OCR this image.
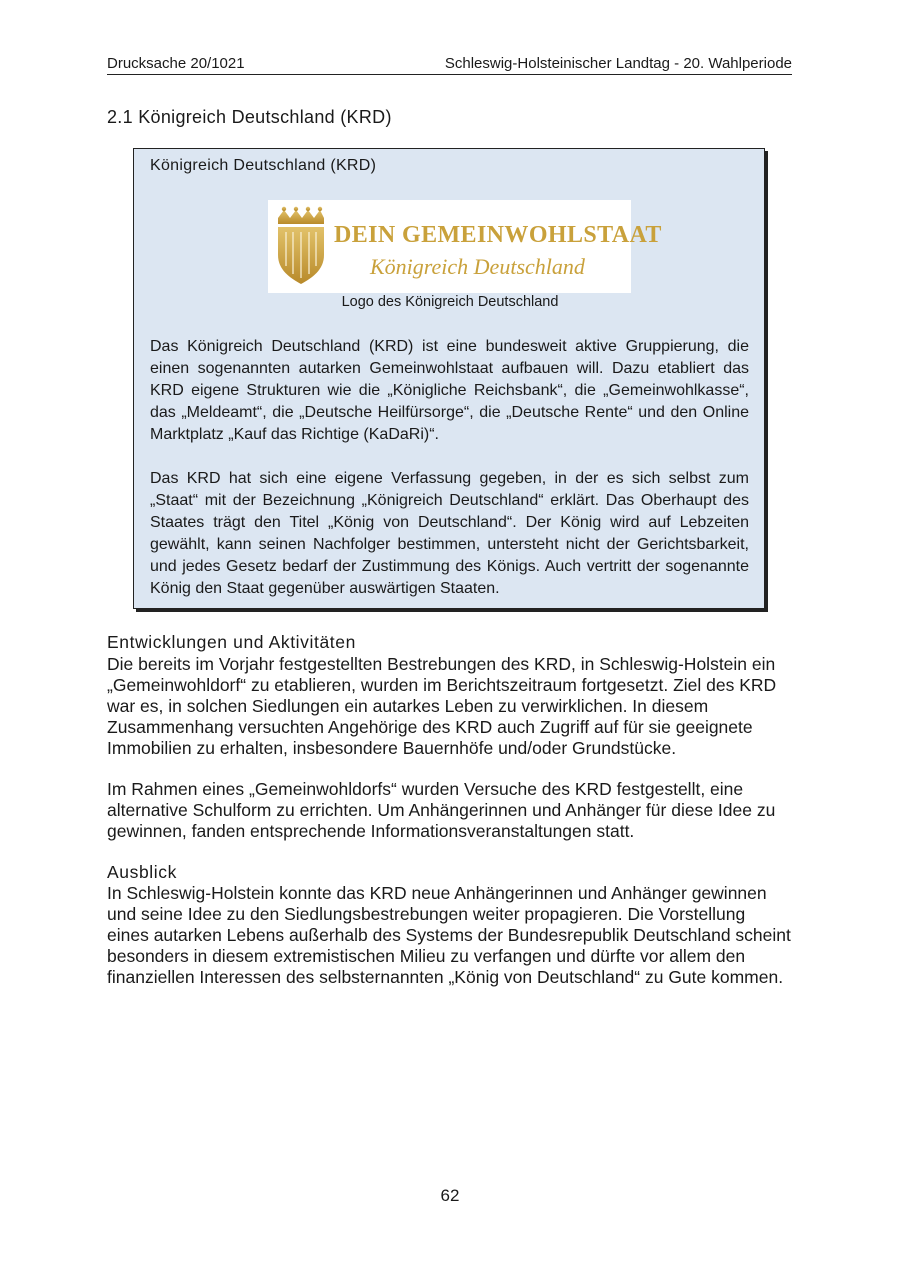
Drucksache 20/1021	Schleswig-Holsteinischer Landtag - 20. Wahlperiode
2.1 Königreich Deutschland (KRD)
Königreich Deutschland (KRD)
DEIN GEMEINWOHLSTAAT
Königreich Deutschland
Logo des Königreich Deutschland

Das Königreich Deutschland (KRD) ist eine bundesweit aktive Gruppierung, die einen sogenannten autarken Gemeinwohlstaat aufbauen will. Dazu etabliert das KRD eigene Strukturen wie die „Königliche Reichsbank“, die „Gemeinwohlkasse“, das „Meldeamt“, die „Deutsche Heilfürsorge“, die „Deutsche Rente“ und den Online Marktplatz „Kauf das Richtige (KaDaRi)“.

Das KRD hat sich eine eigene Verfassung gegeben, in der es sich selbst zum „Staat“ mit der Bezeichnung „Königreich Deutschland“ erklärt. Das Oberhaupt des Staates trägt den Titel „König von Deutschland“. Der König wird auf Lebzeiten gewählt, kann seinen Nachfolger bestimmen, untersteht nicht der Gerichtsbarkeit, und jedes Gesetz bedarf der Zustimmung des Königs. Auch vertritt der sogenannte König den Staat gegenüber auswärtigen Staaten.

Entwicklungen und Aktivitäten

Die bereits im Vorjahr festgestellten Bestrebungen des KRD, in Schleswig-Holstein ein „Gemeinwohldorf“ zu etablieren, wurden im Berichtszeitraum fortgesetzt. Ziel des KRD war es, in solchen Siedlungen ein autarkes Leben zu verwirklichen. In diesem Zusammenhang versuchten Angehörige des KRD auch Zugriff auf für sie geeignete Immobilien zu erhalten, insbesondere Bauernhöfe und/oder Grundstücke.

Im Rahmen eines „Gemeinwohldorfs“ wurden Versuche des KRD festgestellt, eine alternative Schulform zu errichten. Um Anhängerinnen und Anhänger für diese Idee zu gewinnen, fanden entsprechende Informationsveranstaltungen statt.

Ausblick

In Schleswig-Holstein konnte das KRD neue Anhängerinnen und Anhänger gewinnen und seine Idee zu den Siedlungsbestrebungen weiter propagieren. Die Vorstellung eines autarken Lebens außerhalb des Systems der Bundesrepublik Deutschland scheint besonders in diesem extremistischen Milieu zu verfangen und dürfte vor allem den finanziellen Interessen des selbsternannten „König von Deutschland“ zu Gute kommen.

62
